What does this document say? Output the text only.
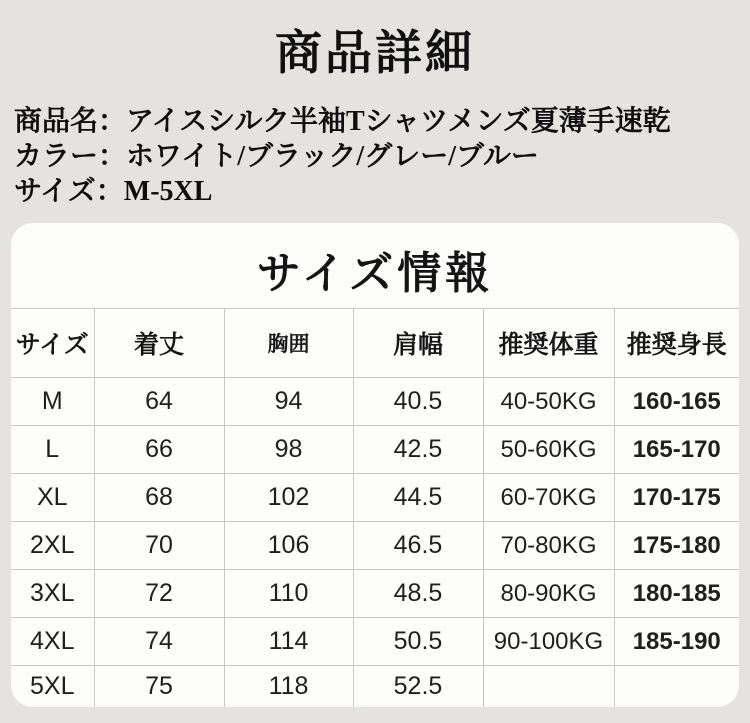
商品詳細
商品名：アイスシルク半袖Tシャツメンズ夏薄手速乾
カラー：ホワイト/ブラック/グレー/ブルー
サイズ：M-5XL
サイズ情報
サイズ	着丈	胸囲	肩幅	推奨体重	推奨身長
M	64	94	40.5	40-50KG	160-165
L	66	98	42.5	50-60KG	165-170
XL	68	102	44.5	60-70KG	170-175
2XL	70	106	46.5	70-80KG	175-180
3XL	72	110	48.5	80-90KG	180-185
4XL	74	114	50.5	90-100KG	185-190
5XL	75	118	52.5		
